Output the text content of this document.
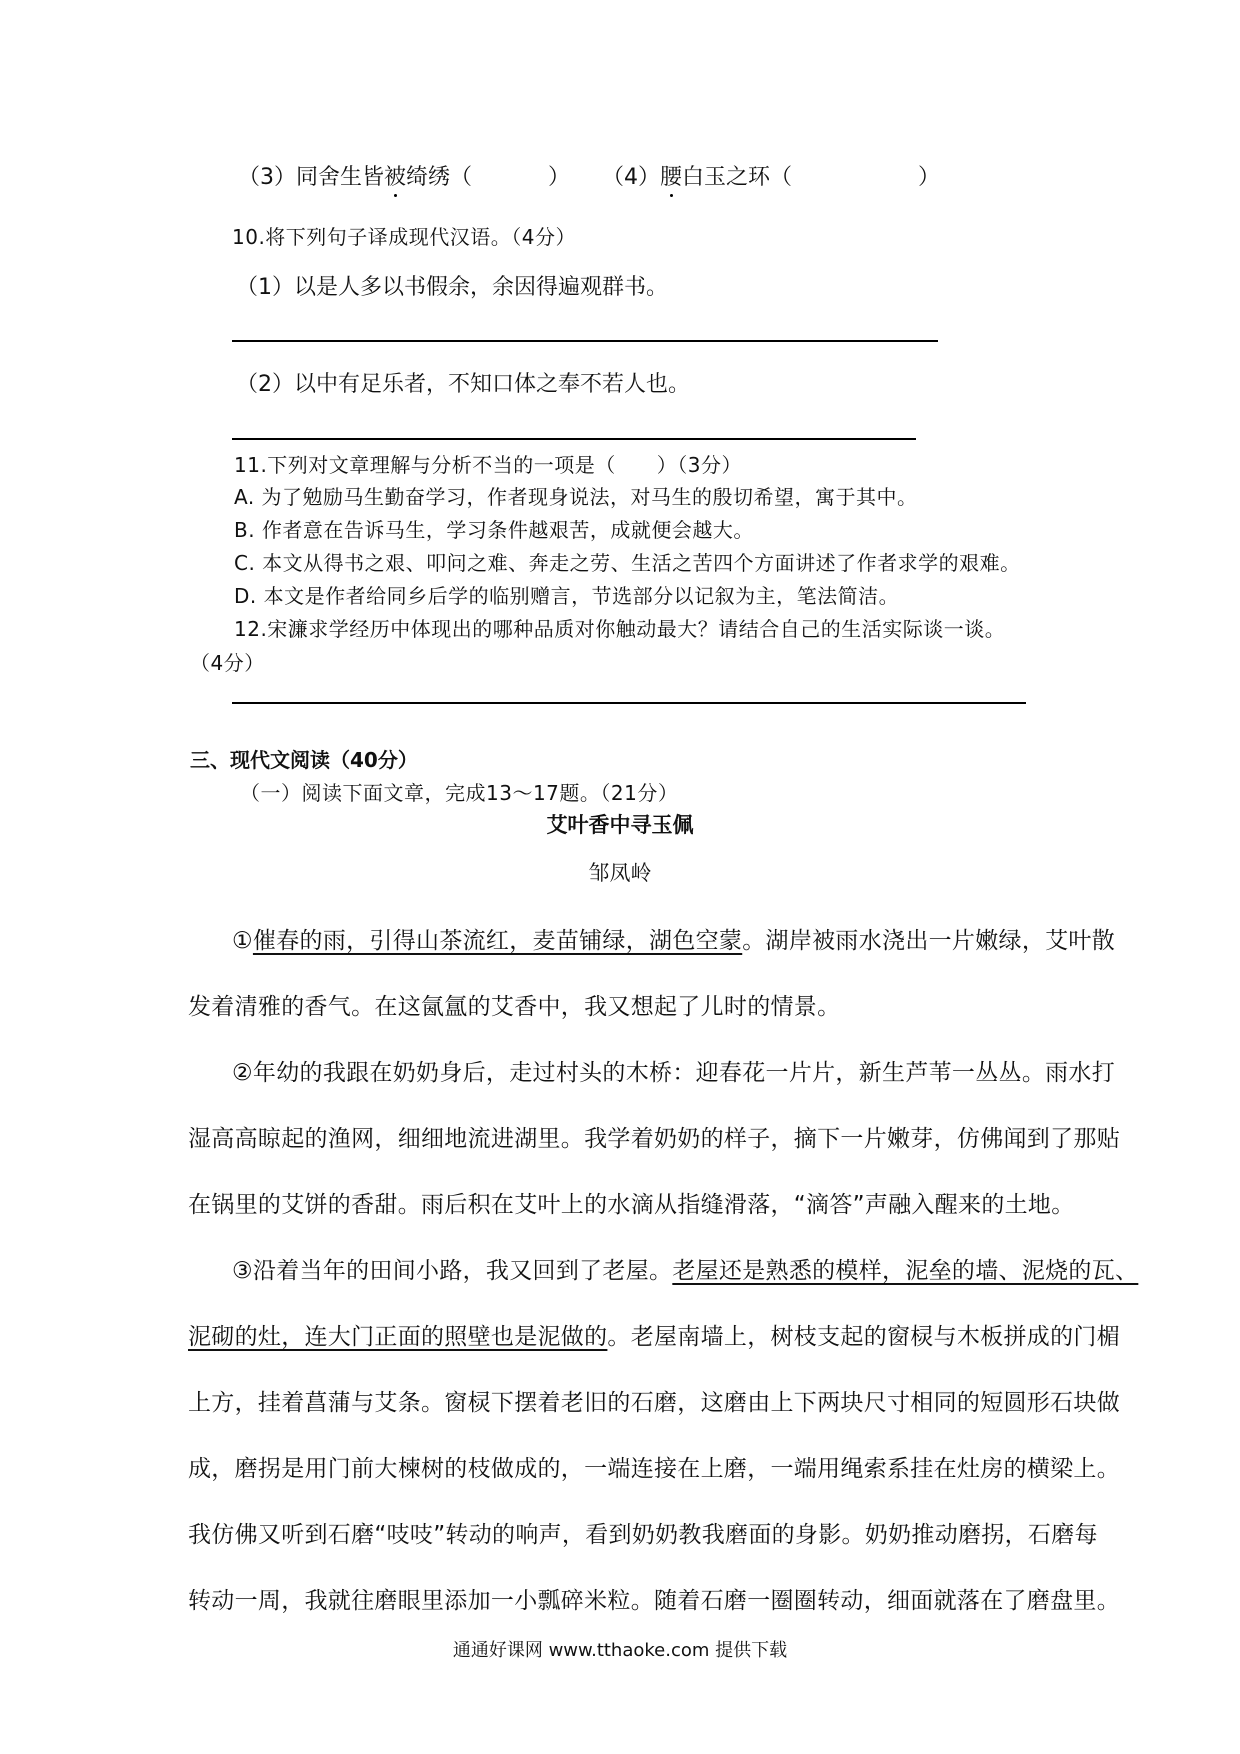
（3）同舍生皆被绮绣（	） （4）腰白玉之环（	）
10.将下列句子译成现代汉语。（4分）
（1）以是人多以书假余，余因得遍观群书。
（2）以中有足乐者，不知口体之奉不若人也。
11.下列对文章理解与分析不当的一项是（　　）（3分）
A. 为了勉励马生勤奋学习，作者现身说法，对马生的殷切希望，寓于其中。
B. 作者意在告诉马生，学习条件越艰苦，成就便会越大。
C. 本文从得书之艰、叩问之难、奔走之劳、生活之苦四个方面讲述了作者求学的艰难。
D. 本文是作者给同乡后学的临别赠言，节选部分以记叙为主，笔法简洁。
12.宋濂求学经历中体现出的哪种品质对你触动最大？请结合自己的生活实际谈一谈。
（4分）
三、现代文阅读（40分）
（一）阅读下面文章，完成13～17题。（21分）
艾叶香中寻玉佩
邹凤岭
①催春的雨，引得山茶流红，麦苗铺绿，湖色空蒙。湖岸被雨水浇出一片嫩绿，艾叶散
发着清雅的香气。在这氤氲的艾香中，我又想起了儿时的情景。
②年幼的我跟在奶奶身后，走过村头的木桥：迎春花一片片，新生芦苇一丛丛。雨水打
湿高高晾起的渔网，细细地流进湖里。我学着奶奶的样子，摘下一片嫩芽，仿佛闻到了那贴
在锅里的艾饼的香甜。雨后积在艾叶上的水滴从指缝滑落，“滴答”声融入醒来的土地。
③沿着当年的田间小路，我又回到了老屋。老屋还是熟悉的模样，泥垒的墙、泥烧的瓦、
泥砌的灶，连大门正面的照壁也是泥做的。老屋南墙上，树枝支起的窗棂与木板拼成的门楣
上方，挂着菖蒲与艾条。窗棂下摆着老旧的石磨，这磨由上下两块尺寸相同的短圆形石块做
成，磨拐是用门前大楝树的枝做成的，一端连接在上磨，一端用绳索系挂在灶房的横梁上。
我仿佛又听到石磨“吱吱”转动的响声，看到奶奶教我磨面的身影。奶奶推动磨拐，石磨每
转动一周，我就往磨眼里添加一小瓢碎米粒。随着石磨一圈圈转动，细面就落在了磨盘里。
通通好课网 www.tthaoke.com 提供下载
